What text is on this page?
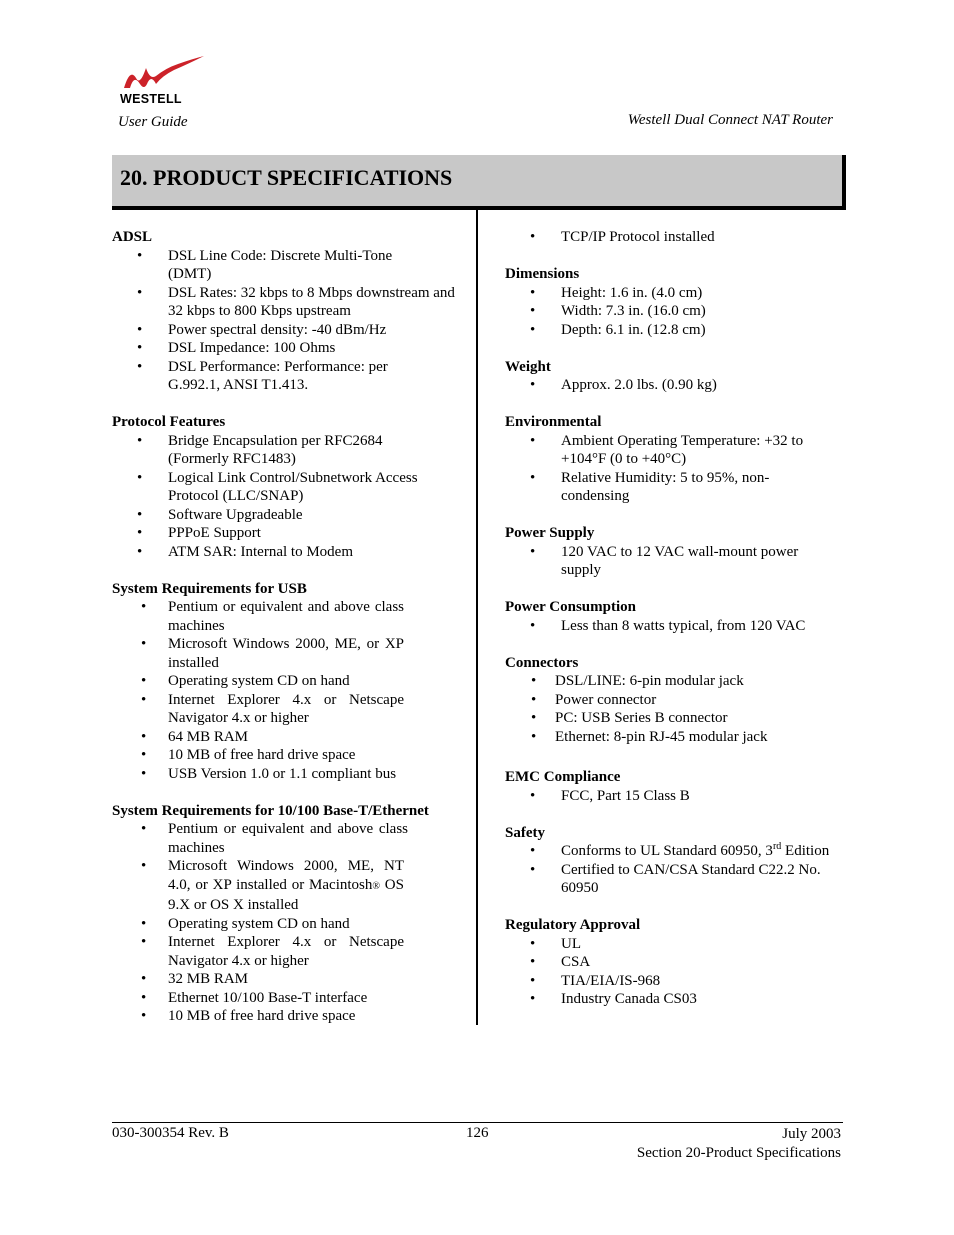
WESTELL
User Guide	Westell Dual Connect NAT Router
20. PRODUCT SPECIFICATIONS
ADSL
• DSL Line Code: Discrete Multi-Tone (DMT)
• DSL Rates: 32 kbps to 8 Mbps downstream and 32 kbps to 800 Kbps upstream
• Power spectral density: -40 dBm/Hz
• DSL Impedance: 100 Ohms
• DSL Performance: Performance: per G.992.1, ANSI T1.413.
Protocol Features
• Bridge Encapsulation per RFC2684 (Formerly RFC1483)
• Logical Link Control/Subnetwork Access Protocol (LLC/SNAP)
• Software Upgradeable
• PPPoE Support
• ATM SAR: Internal to Modem
System Requirements for USB
• Pentium or equivalent and above class machines
• Microsoft Windows 2000, ME, or XP installed
• Operating system CD on hand
• Internet Explorer 4.x or Netscape Navigator 4.x or higher
• 64 MB RAM
• 10 MB of free hard drive space
• USB Version 1.0 or 1.1 compliant bus
System Requirements for 10/100 Base-T/Ethernet
• Pentium or equivalent and above class machines
• Microsoft Windows 2000, ME, NT 4.0, or XP installed or Macintosh® OS 9.X or OS X installed
• Operating system CD on hand
• Internet Explorer 4.x or Netscape Navigator 4.x or higher
• 32 MB RAM
• Ethernet 10/100 Base-T interface
• 10 MB of free hard drive space
• TCP/IP Protocol installed
Dimensions
• Height: 1.6 in. (4.0 cm)
• Width: 7.3 in. (16.0 cm)
• Depth: 6.1 in. (12.8 cm)
Weight
• Approx. 2.0 lbs. (0.90 kg)
Environmental
• Ambient Operating Temperature: +32 to +104°F (0 to +40°C)
• Relative Humidity: 5 to 95%, non-condensing
Power Supply
• 120 VAC to 12 VAC wall-mount power supply
Power Consumption
• Less than 8 watts typical, from 120 VAC
Connectors
• DSL/LINE: 6-pin modular jack
• Power connector
• PC: USB Series B connector
• Ethernet: 8-pin RJ-45 modular jack
EMC Compliance
• FCC, Part 15 Class B
Safety
• Conforms to UL Standard 60950, 3rd Edition
• Certified to CAN/CSA Standard C22.2 No. 60950
Regulatory Approval
• UL
• CSA
• TIA/EIA/IS-968
• Industry Canada CS03
030-300354 Rev. B	126	July 2003
Section 20-Product Specifications
